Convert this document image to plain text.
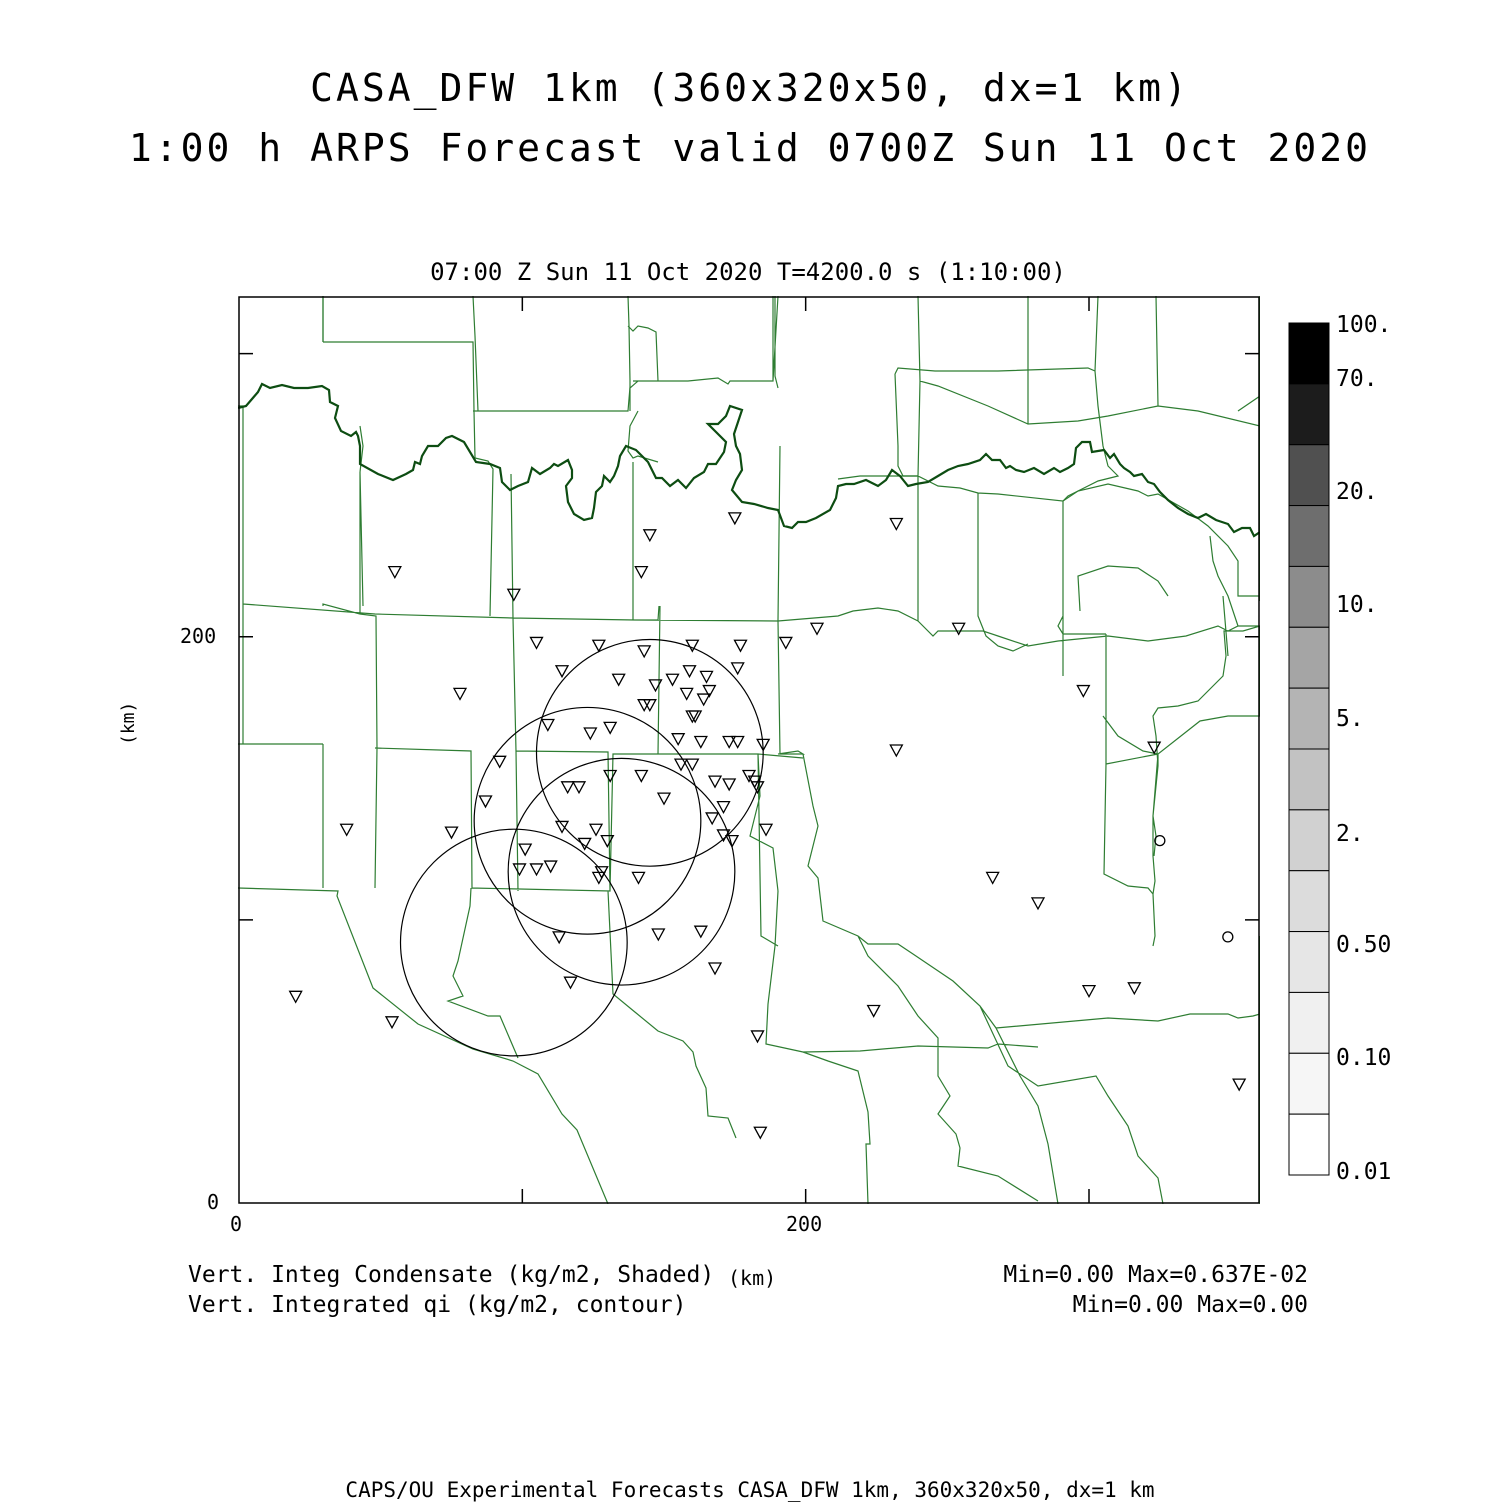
CASA_DFW 1km (360x320x50, dx=1 km)
1:00 h ARPS Forecast valid 0700Z Sun 11 Oct 2020
07:00 Z Sun 11 Oct 2020 T=4200.0 s (1:10:00)
0	200
0
200
(km)
(km)
100.
70.
20.
10.
5.
2.
0.50
0.10
0.01
Vert. Integ Condensate (kg/m2, Shaded)
Vert. Integrated qi (kg/m2, contour)
Min=0.00 Max=0.637E-02
Min=0.00 Max=0.00
CAPS/OU Experimental Forecasts CASA_DFW 1km, 360x320x50, dx=1 km
